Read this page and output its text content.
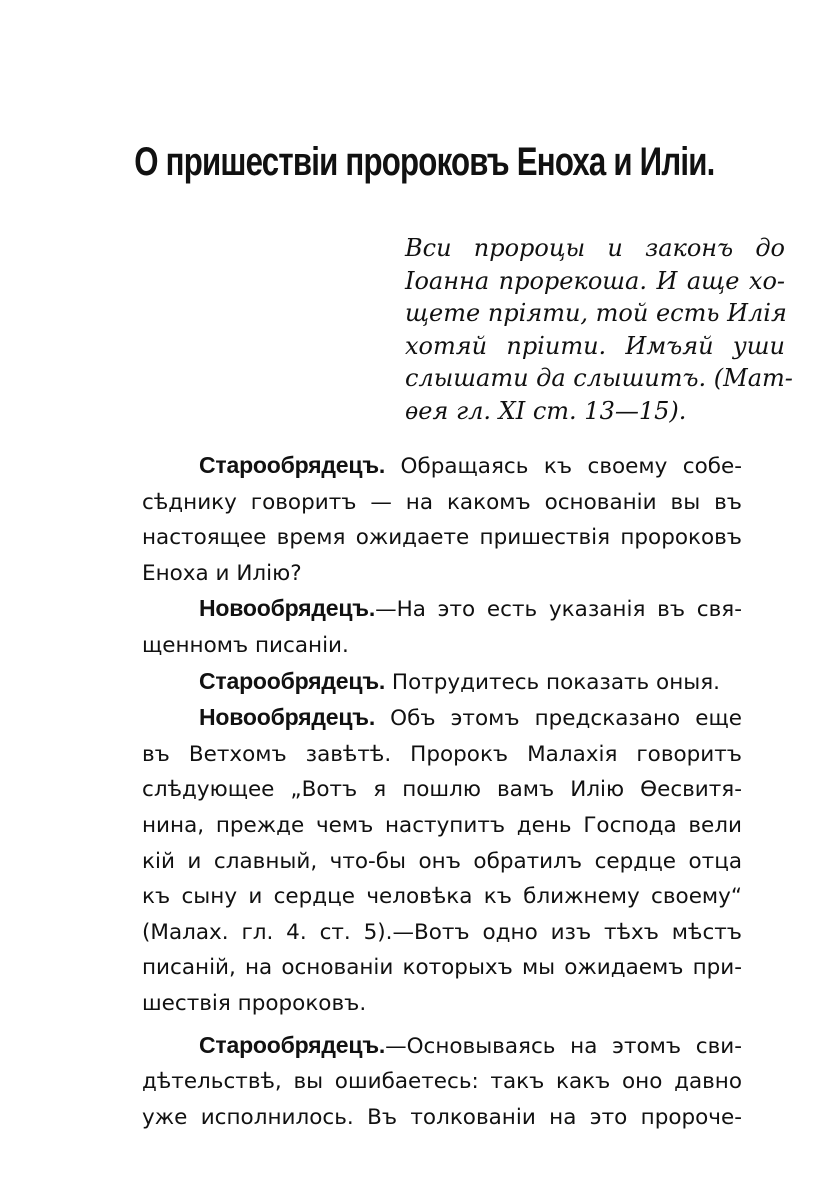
О пришествіи пророковъ Еноха и Иліи.
Вси пророцы и законъ до
Іоанна прорекоша. И аще хо-
щете пріяти, той есть Илія
хотяй пріити. Имъяй уши
слышати да слышитъ. (Мат-
ѳея гл. XI ст. 13—15).
Старообрядецъ. Обращаясь къ своему собе-
сѣднику говоритъ — на какомъ основаніи вы въ
настоящее время ожидаете пришествія пророковъ
Еноха и Илію?
Новообрядецъ.—На это есть указанія въ свя-
щенномъ писаніи.
Старообрядецъ. Потрудитесь показать оныя.
Новообрядецъ. Объ этомъ предсказано еще
въ Ветхомъ завѣтѣ. Пророкъ Малахія говоритъ
слѣдующее „Вотъ я пошлю вамъ Илію Ѳесвитя-
нина, прежде чемъ наступитъ день Господа вели
кій и славный, что-бы онъ обратилъ сердце отца
къ сыну и сердце человѣка къ ближнему своему“
(Малах. гл. 4. ст. 5).—Вотъ одно изъ тѣхъ мѣстъ
писаній, на основаніи которыхъ мы ожидаемъ при-
шествія пророковъ.
Старообрядецъ.—Основываясь на этомъ сви-
дѣтельствѣ, вы ошибаетесь: такъ какъ оно давно
уже исполнилось. Въ толкованіи на это пророче-
